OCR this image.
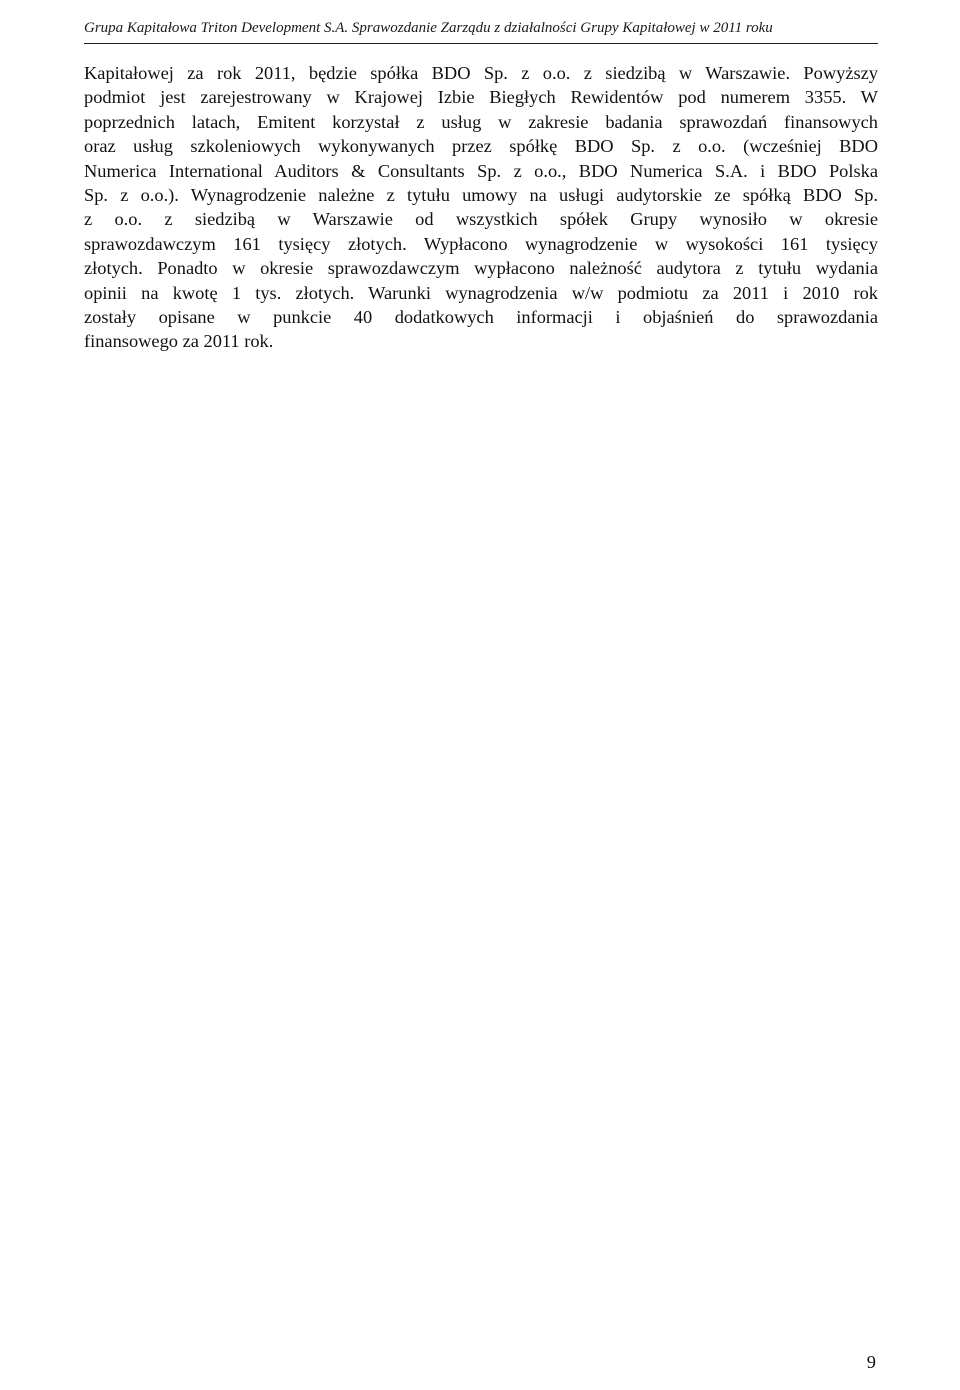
Grupa Kapitałowa Triton Development S.A. Sprawozdanie Zarządu z działalności Grupy Kapitałowej w 2011 roku
Kapitałowej za rok 2011, będzie spółka BDO Sp. z o.o. z siedzibą w Warszawie. Powyższy
podmiot jest zarejestrowany w Krajowej Izbie Biegłych Rewidentów pod numerem 3355. W
poprzednich latach, Emitent korzystał z usług w zakresie badania sprawozdań finansowych
oraz usług szkoleniowych wykonywanych przez spółkę BDO Sp. z o.o. (wcześniej BDO
Numerica International Auditors & Consultants Sp. z o.o., BDO Numerica S.A. i BDO Polska
Sp. z o.o.). Wynagrodzenie należne z tytułu umowy na usługi audytorskie ze spółką BDO Sp.
z o.o. z siedzibą w Warszawie od wszystkich spółek Grupy wynosiło w okresie
sprawozdawczym 161 tysięcy złotych. Wypłacono wynagrodzenie w wysokości 161 tysięcy
złotych. Ponadto w okresie sprawozdawczym wypłacono należność audytora z tytułu wydania
opinii na kwotę 1 tys. złotych. Warunki wynagrodzenia w/w podmiotu za 2011 i 2010 rok
zostały opisane w punkcie 40 dodatkowych informacji i objaśnień do sprawozdania
finansowego za 2011 rok.
9
